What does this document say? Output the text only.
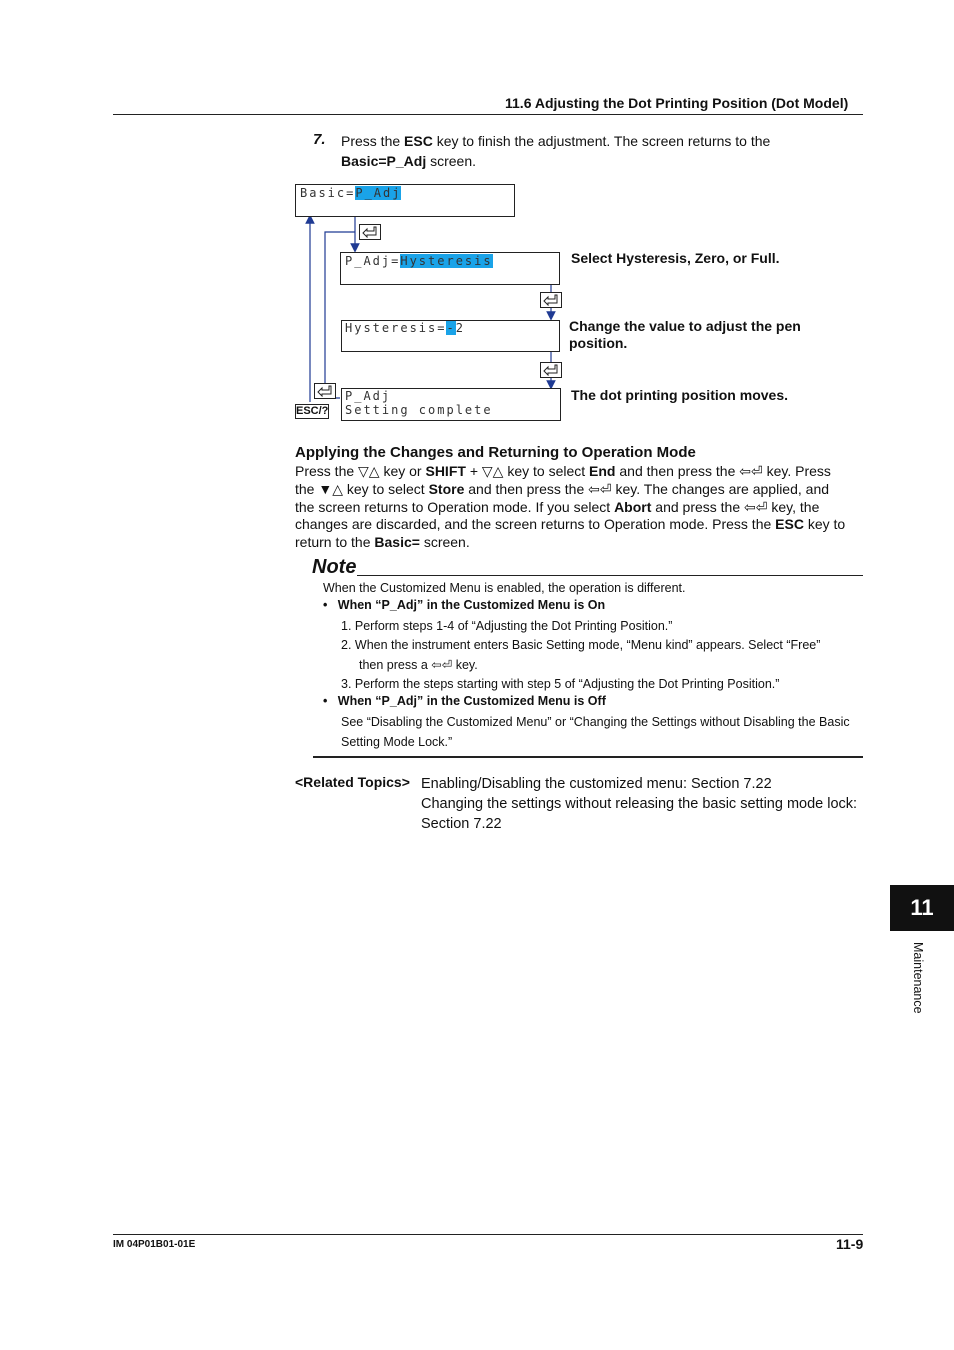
11.6 Adjusting the Dot Printing Position (Dot Model)
7. Press the ESC key to finish the adjustment. The screen returns to the
Basic=P_Adj screen.
Basic=P_Adj
P_Adj=Hysteresis	Select Hysteresis, Zero, or Full.
Hysteresis=-2	Change the value to adjust the pen
position.
P_Adj
Setting complete
The dot printing position moves.
ESC/?
Applying the Changes and Returning to Operation Mode
Press the ▽△ key or SHIFT + ▽△ key to select End and then press the ⇦⏎ key. Press
the ▼△ key to select Store and then press the ⇦⏎ key. The changes are applied, and
the screen returns to Operation mode. If you select Abort and press the ⇦⏎ key, the
changes are discarded, and the screen returns to Operation mode. Press the ESC key to
return to the Basic= screen.
Note
When the Customized Menu is enabled, the operation is different.
•   When “P_Adj” in the Customized Menu is On
1. Perform steps 1-4 of “Adjusting the Dot Printing Position.”
2. When the instrument enters Basic Setting mode, “Menu kind” appears. Select “Free”
then press a ⇦⏎ key.
3. Perform the steps starting with step 5 of “Adjusting the Dot Printing Position.”
•   When “P_Adj” in the Customized Menu is Off
See “Disabling the Customized Menu” or “Changing the Settings without Disabling the Basic
Setting Mode Lock.”
<Related Topics> Enabling/Disabling the customized menu: Section 7.22
Changing the settings without releasing the basic setting mode lock:
Section 7.22
11
Maintenance
IM 04P01B01-01E	11-9
